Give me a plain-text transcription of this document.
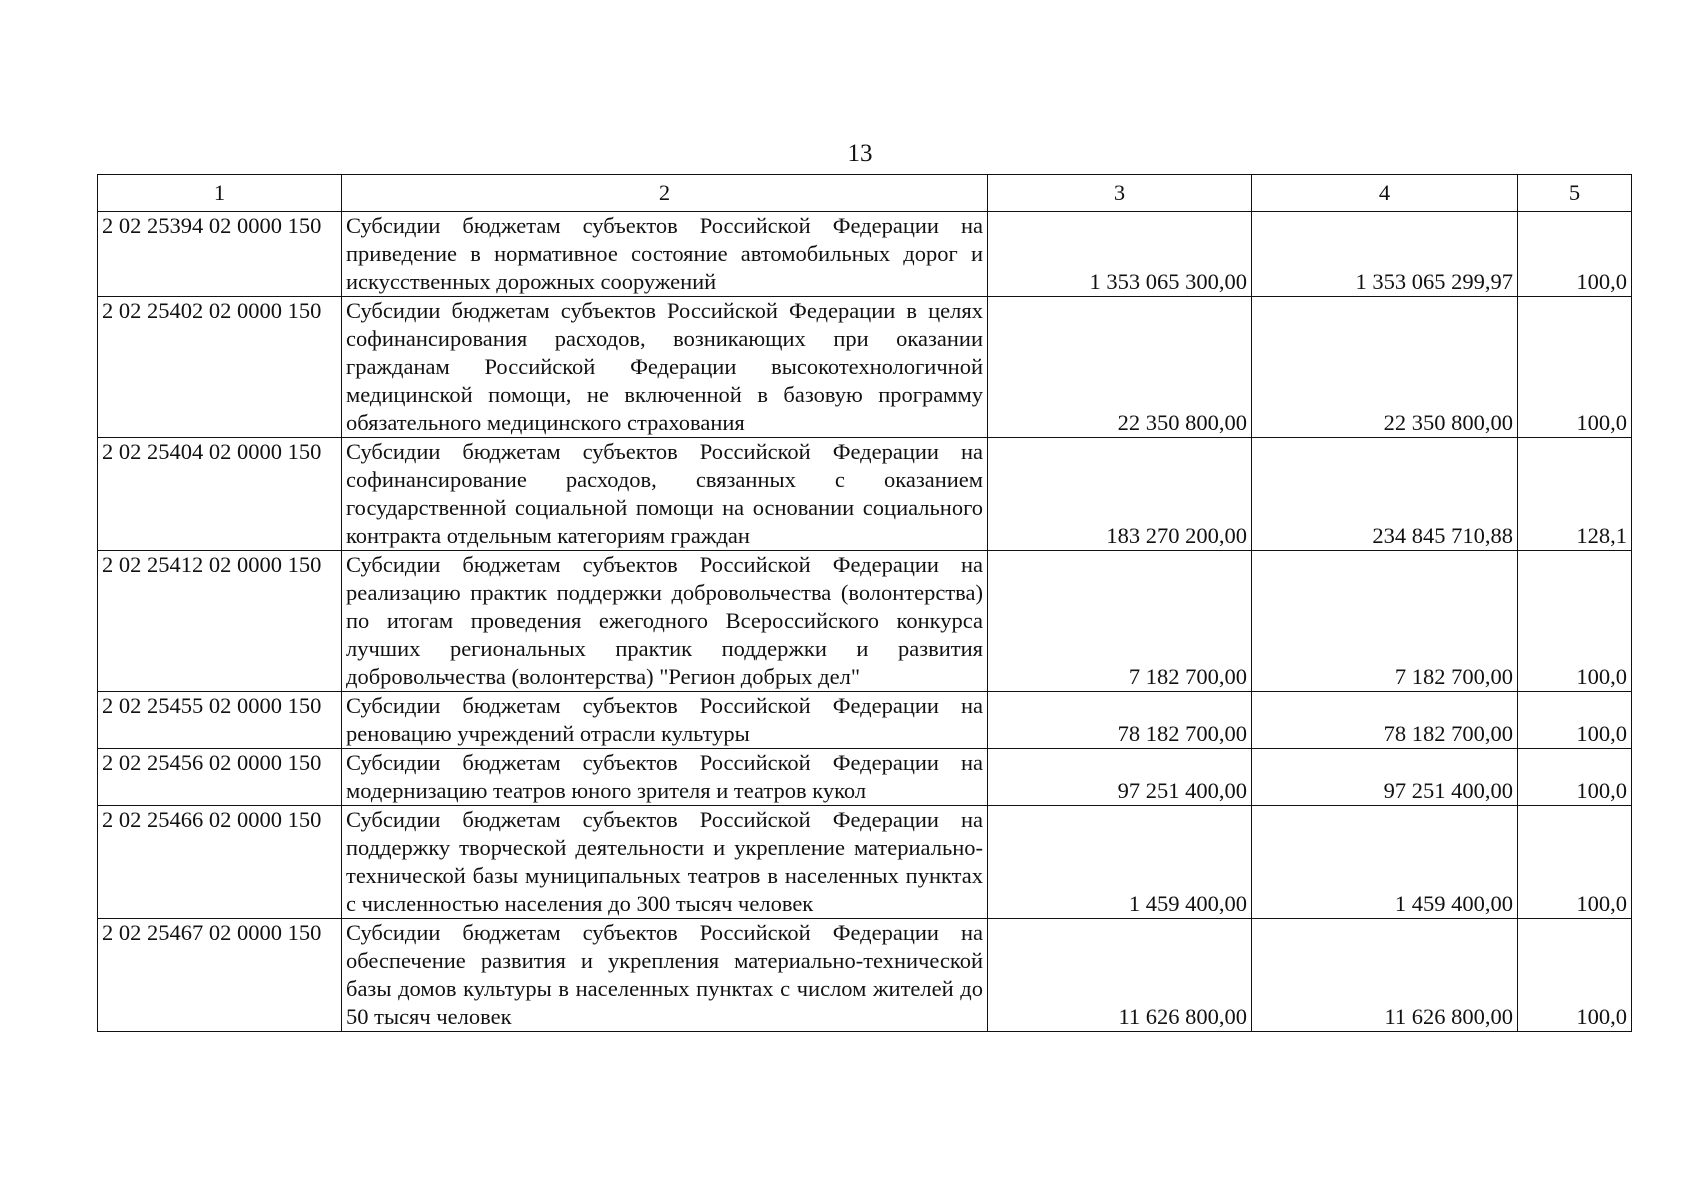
13
1	2	3	4	5
2 02 25394 02 0000 150	Субсидии бюджетам субъектов Российской Федерации на приведение в нормативное состояние автомобильных дорог и искусственных дорожных сооружений	1 353 065 300,00	1 353 065 299,97	100,0
2 02 25402 02 0000 150	Субсидии бюджетам субъектов Российской Федерации в целях софинансирования расходов, возникающих при оказании гражданам Российской Федерации высокотехнологичной медицинской помощи, не включенной в базовую программу обязательного медицинского страхования	22 350 800,00	22 350 800,00	100,0
2 02 25404 02 0000 150	Субсидии бюджетам субъектов Российской Федерации на софинансирование расходов, связанных с оказанием государственной социальной помощи на основании социального контракта отдельным категориям граждан	183 270 200,00	234 845 710,88	128,1
2 02 25412 02 0000 150	Субсидии бюджетам субъектов Российской Федерации на реализацию практик поддержки добровольчества (волонтерства) по итогам проведения ежегодного Всероссийского конкурса лучших региональных практик поддержки и развития добровольчества (волонтерства) "Регион добрых дел"	7 182 700,00	7 182 700,00	100,0
2 02 25455 02 0000 150	Субсидии бюджетам субъектов Российской Федерации на реновацию учреждений отрасли культуры	78 182 700,00	78 182 700,00	100,0
2 02 25456 02 0000 150	Субсидии бюджетам субъектов Российской Федерации на модернизацию театров юного зрителя и театров кукол	97 251 400,00	97 251 400,00	100,0
2 02 25466 02 0000 150	Субсидии бюджетам субъектов Российской Федерации на поддержку творческой деятельности и укрепление материально-технической базы муниципальных театров в населенных пунктах с численностью населения до 300 тысяч человек	1 459 400,00	1 459 400,00	100,0
2 02 25467 02 0000 150	Субсидии бюджетам субъектов Российской Федерации на обеспечение развития и укрепления материально-технической базы домов культуры в населенных пунктах с числом жителей до 50 тысяч человек	11 626 800,00	11 626 800,00	100,0
